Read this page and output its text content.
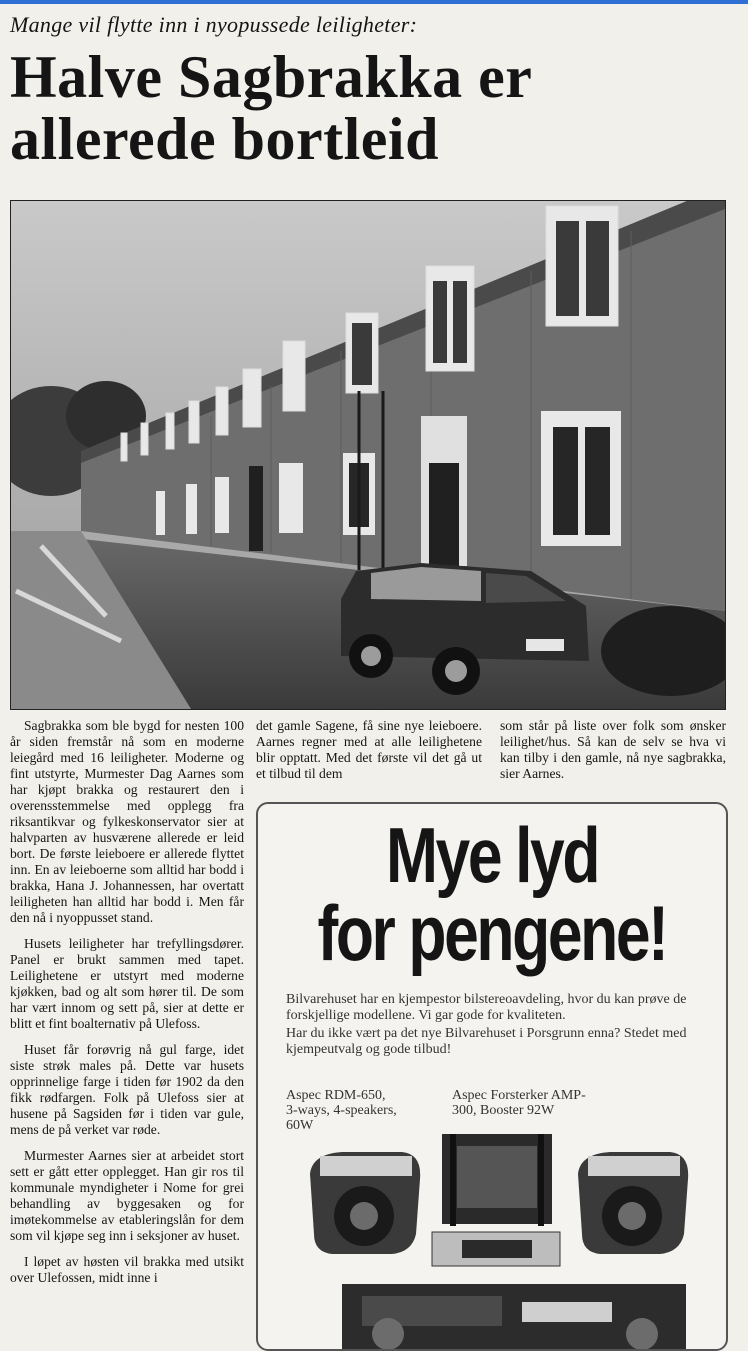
Mange vil flytte inn i nyopussede leiligheter:
Halve Sagbrakka er
allerede bortleid

Sagbrakka som ble bygd for nesten 100 år siden fremstår nå som en moderne leiegård med 16 leiligheter. Moderne og fint utstyrte, Murmester Dag Aarnes som har kjøpt brakka og restaurert den i overensstemmelse med opplegg fra riksantikvar og fylkeskonservator sier at halvparten av husværene allerede er leid bort. De første leieboere er allerede flyttet inn. En av leieboerne som alltid har bodd i brakka, Hana J. Johannessen, har overtatt leiligheten han alltid har bodd i. Men får den nå i nyoppusset stand.

Husets leiligheter har trefyllingsdører. Panel er brukt sammen med tapet. Leilighetene er utstyrt med moderne kjøkken, bad og alt som hører til. De som har vært innom og sett på, sier at dette er blitt et fint boalternativ på Ulefoss.

Huset får forøvrig nå gul farge, idet siste strøk males på. Dette var husets opprinnelige farge i tiden før 1902 da den fikk rødfargen. Folk på Ulefoss sier at husene på Sagsiden før i tiden var gule, mens de på verket var røde.

Murmester Aarnes sier at arbeidet stort sett er gått etter opplegget. Han gir ros til kommunale myndigheter i Nome for grei behandling av byggesaken og for imøtekommelse av etableringslån for dem som vil kjøpe seg inn i seksjoner av huset.

I løpet av høsten vil brakka med utsikt over Ulefossen, midt inne i

det gamle Sagene, få sine nye leieboere. Aarnes regner med at alle leilighetene blir opptatt. Med det første vil det gå ut et tilbud til dem

som står på liste over folk som ønsker leilighet/hus. Så kan de selv se hva vi kan tilby i den gamle, nå nye sagbrakka, sier Aarnes.

Mye lyd
for pengene!

Bilvarehuset har en kjempestor bilstereoavdeling, hvor du kan prøve de forskjellige modellene. Vi gar gode for kvaliteten.

Har du ikke vært pa det nye Bilvarehuset i Porsgrunn enna? Stedet med kjempeutvalg og gode tilbud!

Aspec RDM-650,
3-ways, 4-speakers,
60W
Aspec Forsterker AMP-
300, Booster 92W
